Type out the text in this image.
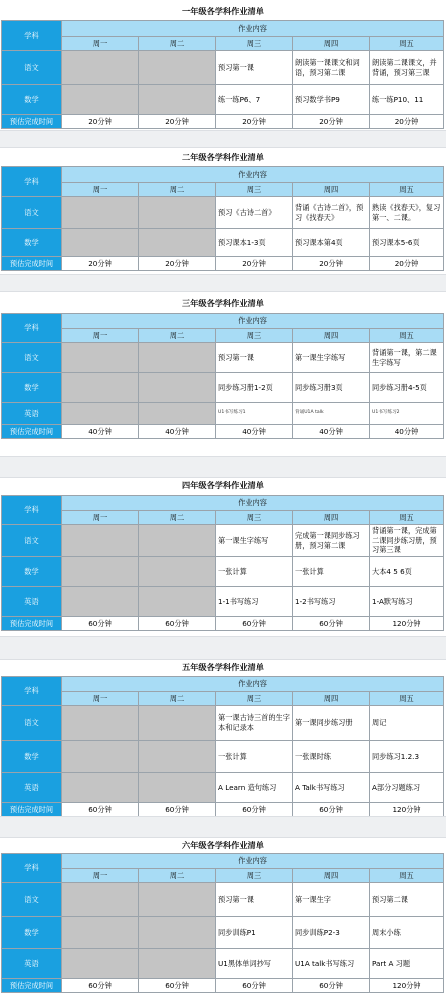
一年级各学科作业清单
学科	作业内容				
	周一	周二	周三	周四	周五
语文			预习第一课	朗读第一课课文和词语，预习第二课	朗读第二课课文，并背诵，预习第三课
数学			练一练P6、7	预习数学书P9	练一练P10、11
预估完成时间	20分钟	20分钟	20分钟	20分钟	20分钟
二年级各学科作业清单
学科	作业内容				
	周一	周二	周三	周四	周五
语文			预习《古诗二首》	背诵《古诗二首》，预习《找春天》	熟读《找春天》，复习第一、二课。
数学			预习课本1-3页	预习课本第4页	预习课本5-6页
预估完成时间	20分钟	20分钟	20分钟	20分钟	20分钟
三年级各学科作业清单
学科	作业内容				
	周一	周二	周三	周四	周五
语文			预习第一课	第一课生字练写	背诵第一课，第二课生字练写
数学			同步练习册1-2页	同步练习册3页	同步练习册4-5页
英语			U1书写练习1	背诵U1A talk	U1书写练习2
预估完成时间	40分钟	40分钟	40分钟	40分钟	40分钟
四年级各学科作业清单
学科	作业内容				
	周一	周二	周三	周四	周五
语文			第一课生字练写	完成第一课同步练习册，预习第二课	背诵第一课，完成第二课同步练习册，预习第三课
数学			一张计算	一张计算	大本4 5 6页
英语			1-1书写练习	1-2书写练习	1-A默写练习
预估完成时间	60分钟	60分钟	60分钟	60分钟	120分钟
五年级各学科作业清单
学科	作业内容				
	周一	周二	周三	周四	周五
语文			第一课古诗三首的生字本和记录本	第一课同步练习册	周记
数学			一张计算	一张课时练	同步练习1.2.3
英语			A Learn 造句练习	A Talk书写练习	A部分习题练习
预估完成时间	60分钟	60分钟	60分钟	60分钟	120分钟
六年级各学科作业清单
学科	作业内容				
	周一	周二	周三	周四	周五
语文			预习第一课	第一课生字	预习第二课
数学			同步训练P1	同步训练P2-3	周末小练
英语			U1黑体单词抄写	U1A talk书写练习	Part A 习题
预估完成时间	60分钟	60分钟	60分钟	60分钟	120分钟
